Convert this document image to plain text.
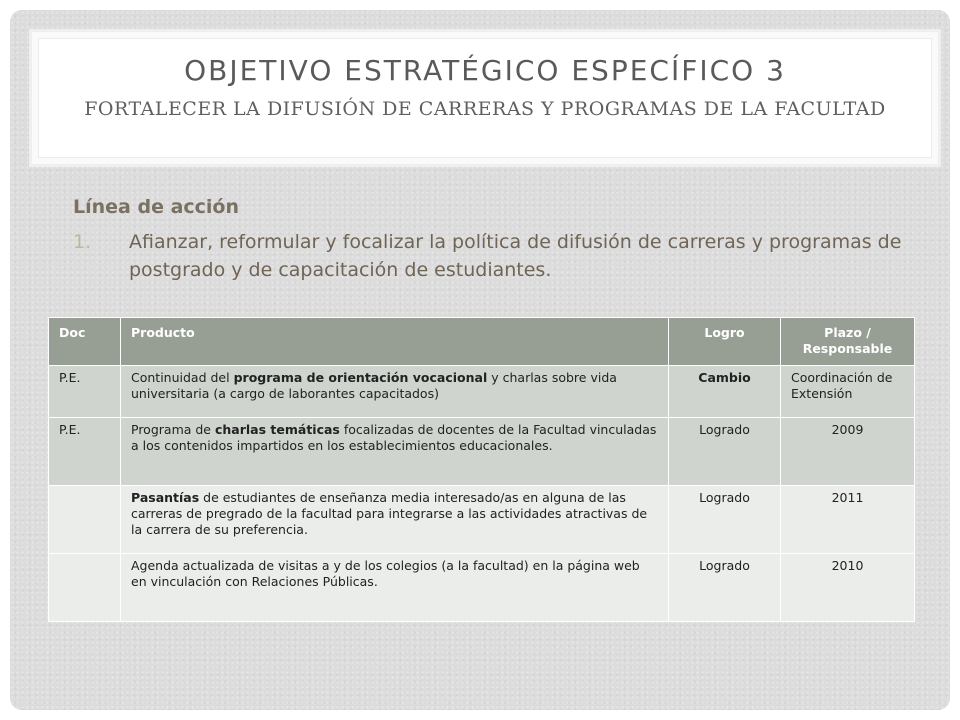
OBJETIVO ESTRATÉGICO ESPECÍFICO 3
FORTALECER LA DIFUSIÓN DE CARRERAS Y PROGRAMAS DE LA FACULTAD
Línea de acción
1. Afianzar, reformular y focalizar la política de difusión de carreras y programas de postgrado y de capacitación de estudiantes.
Doc	Producto	Logro	Plazo / Responsable
P.E.	Continuidad del programa de orientación vocacional y charlas sobre vida universitaria (a cargo de laborantes capacitados)	Cambio	Coordinación de Extensión
P.E.	Programa de charlas temáticas focalizadas de docentes de la Facultad vinculadas a los contenidos impartidos en los establecimientos educacionales.	Logrado	2009
	Pasantías de estudiantes de enseñanza media interesado/as en alguna de las carreras de pregrado de la facultad para integrarse a las actividades atractivas de la carrera de su preferencia.	Logrado	2011
	Agenda actualizada de visitas a y de los colegios (a la facultad) en la página web en vinculación con Relaciones Públicas.	Logrado	2010
